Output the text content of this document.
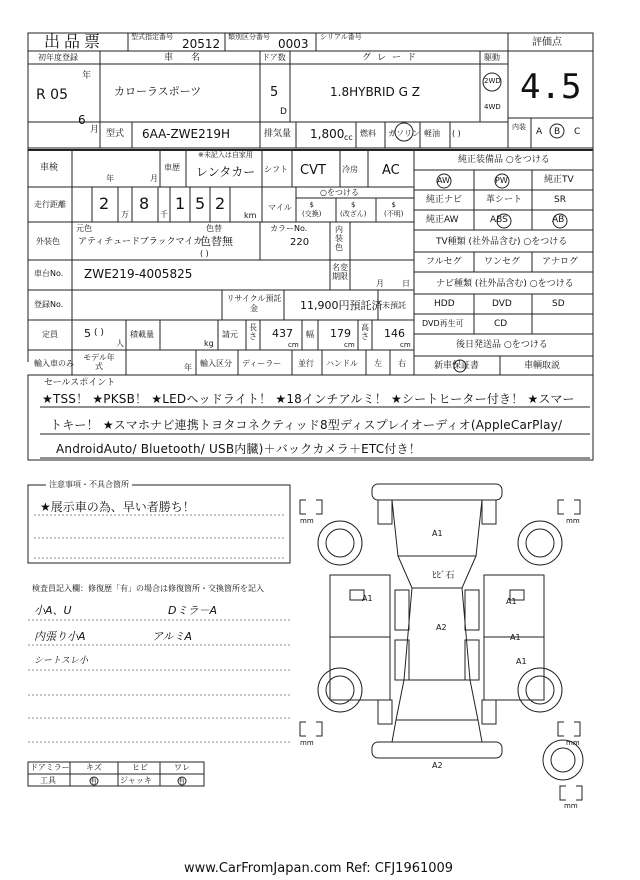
出品票	型式指定番号 20512 類別区分番号 0003 シリアル番号	評価点
4.5
初年度登録
R 05
年
6
月
車名
カローラスポーツ
ドア数
5
D
グレード
1.8HYBRID G Z
駆動
2WD
4WD
型式 6AA-ZWE219H	排気量 1,800 cc 燃料 ガソリン 軽油 ( )
内装 A B C
車検
年	月
車歴
※未記入は自家用
レンタカー シフト CVT 冷房 AC
純正装備品 ○をつける
AW	PW	純正TV
純正ナビ	革シート	SR
純正AW	ABS	AB
TV種類 (社外品含む) ○をつける
フルセグ ワンセグ アナログ
ナビ種類 (社外品含む) ○をつける
HDD	DVD	SD
DVD再生可	CD
後日発送品 ○をつける
新車保証書	車輌取説
走行距離 2
万
8
千
1 5 2
km
マイル
○をつける
$
(交換)
$
(改ざん)
$
(不明)
元色
外装色 アティチュードブラックマイカ
色替
色替無
( )
カラーNo.
220
内装色
車台No. ZWE219-4005825	名変期限
月 日
登録No.
リサイクル預託金	11,900円預託済 未預託
定員 5 ( )
人
積載量
kg
請元
長さ 437
cm
幅 179
cm
高さ 146
cm
輸入車のみ
モデル年式	年 輸入区分 ディーラー 並行 ハンドル 左 右
セールスポイント
★TSS！ ★PKSB！ ★LEDヘッドライト！ ★18インチアルミ！ ★シートヒーター付き！ ★スマー
トキー！ ★スマホナビ連携トヨタコネクティッド8型ディスプレイオーディオ(AppleCarPlay/
AndroidAuto/ Bluetooth/ USB内臓)＋バックカメラ＋ETC付き！
注意事項・不具合箇所
★展示車の為、早い者勝ち！
検査員記入欄：修復歴「有」の場合は修復箇所・交換箇所を記入
小A、U	Dミラ－A
内張り小A	アルミA
シートスレ小
ドアミラー キズ	ヒビ	ワレ
工具	有	ジャッキ	有
A1
ﾋﾋﾞ石
A1	A1
A2
A1
A1
A2
mm	mm
mm	mm
mm
www.CarFromJapan.com Ref: CFJ1961009
